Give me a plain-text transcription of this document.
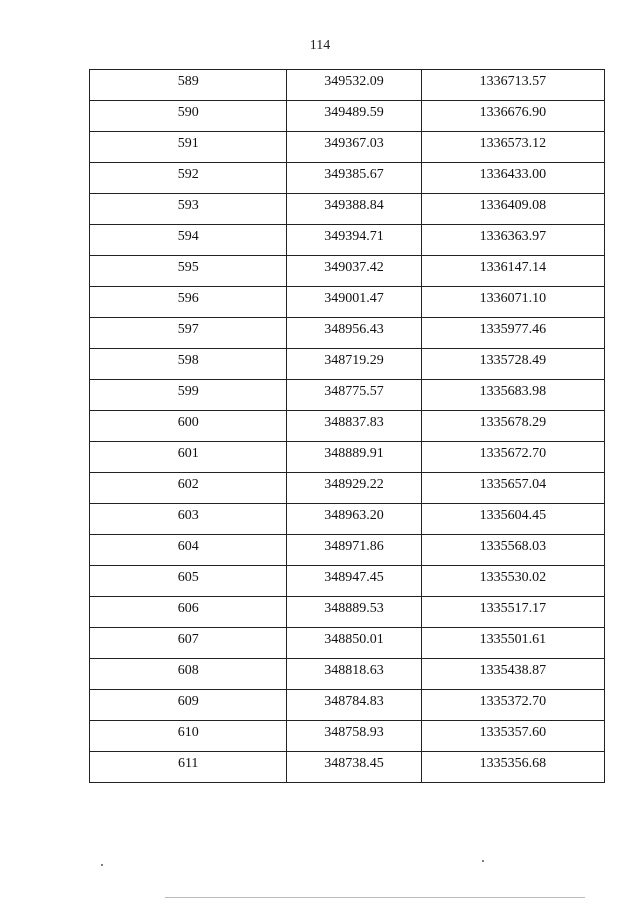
114
589	349532.09	1336713.57

590	349489.59	1336676.90

591	349367.03	1336573.12

592	349385.67	1336433.00

593	349388.84	1336409.08

594	349394.71	1336363.97

595	349037.42	1336147.14

596	349001.47	1336071.10

597	348956.43	1335977.46

598	348719.29	1335728.49

599	348775.57	1335683.98

600	348837.83	1335678.29

601	348889.91	1335672.70

602	348929.22	1335657.04

603	348963.20	1335604.45

604	348971.86	1335568.03

605	348947.45	1335530.02

606	348889.53	1335517.17

607	348850.01	1335501.61

608	348818.63	1335438.87

609	348784.83	1335372.70

610	348758.93	1335357.60

611	348738.45	1335356.68
